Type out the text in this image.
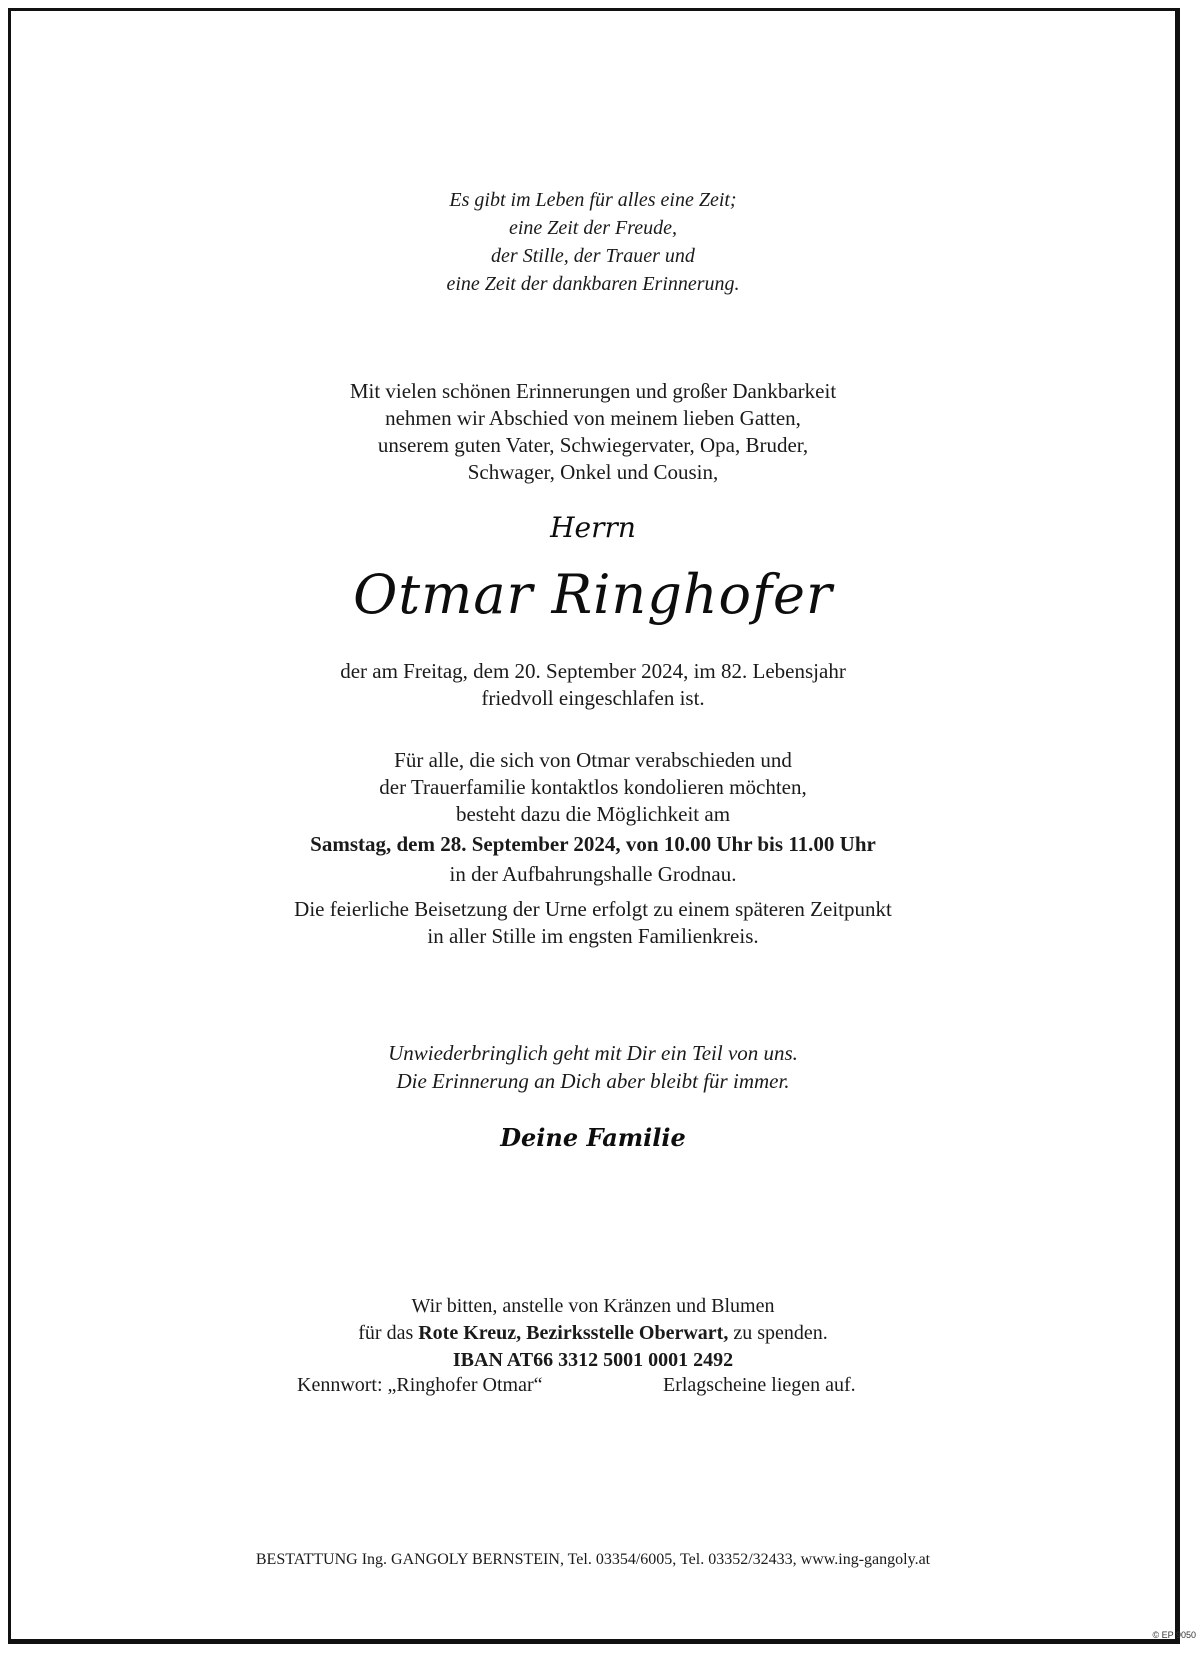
Es gibt im Leben für alles eine Zeit;
eine Zeit der Freude,
der Stille, der Trauer und
eine Zeit der dankbaren Erinnerung.
Mit vielen schönen Erinnerungen und großer Dankbarkeit
nehmen wir Abschied von meinem lieben Gatten,
unserem guten Vater, Schwiegervater, Opa, Bruder,
Schwager, Onkel und Cousin,
Herrn
Otmar Ringhofer
der am Freitag, dem 20. September 2024, im 82. Lebensjahr
friedvoll eingeschlafen ist.
Für alle, die sich von Otmar verabschieden und
der Trauerfamilie kontaktlos kondolieren möchten,
besteht dazu die Möglichkeit am
Samstag, dem 28. September 2024, von 10.00 Uhr bis 11.00 Uhr
in der Aufbahrungshalle Grodnau.
Die feierliche Beisetzung der Urne erfolgt zu einem späteren Zeitpunkt
in aller Stille im engsten Familienkreis.
Unwiederbringlich geht mit Dir ein Teil von uns.
Die Erinnerung an Dich aber bleibt für immer.
Deine Familie
Wir bitten, anstelle von Kränzen und Blumen
für das Rote Kreuz, Bezirksstelle Oberwart, zu spenden.
IBAN AT66 3312 5001 0001 2492
Kennwort: „Ringhofer Otmar“	Erlagscheine liegen auf.
BESTATTUNG Ing. GANGOLY BERNSTEIN, Tel. 03354/6005, Tel. 03352/32433, www.ing-gangoly.at
© EP 9050
